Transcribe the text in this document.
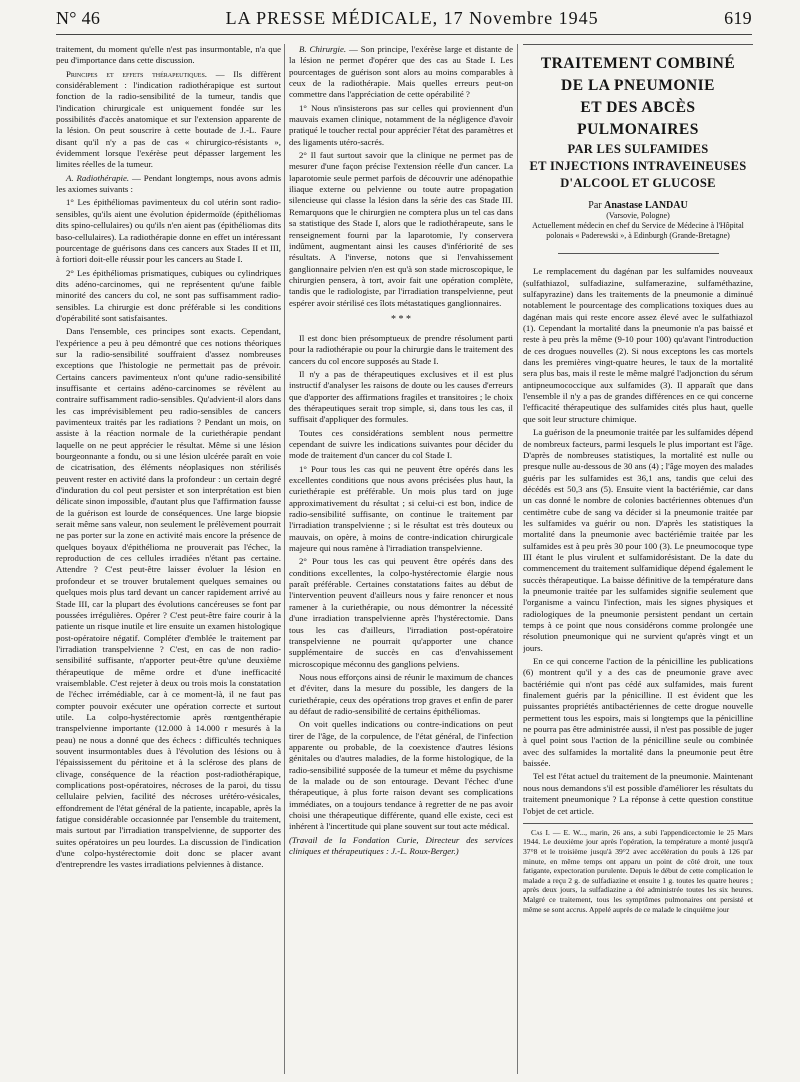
N° 46	LA PRESSE MÉDICALE, 17 Novembre 1945	619

traitement, du moment qu'elle n'est pas insurmontable, n'a que peu d'importance dans cette discussion.

Principes et effets thérapeutiques. — Ils diffèrent considérablement : l'indication radiothérapique est surtout fonction de la radio-sensibilité de la tumeur, tandis que l'indication chirurgicale est uniquement fondée sur les possibilités d'accès anatomique et sur l'extension apparente de la lésion. On peut souscrire à cette boutade de J.-L. Faure disant qu'il n'y a pas de cas « chirurgico-résistants », évidemment lorsque l'exérèse peut dépasser largement les limites réelles de la tumeur.

A. Radiothérapie. — Pendant longtemps, nous avons admis les axiomes suivants :

1° Les épithéliomas pavimenteux du col utérin sont radio-sensibles, qu'ils aient une évolution épidermoïde (épithéliomas dits spino-cellulaires) ou qu'ils n'en aient pas (épithéliomas dits baso-cellulaires). La radiothérapie donne en effet un intéressant pourcentage de guérisons dans ces cancers aux Stades II et III, à fortiori doit-elle réussir pour les cancers au Stade I.

2° Les épithéliomas prismatiques, cubiques ou cylindriques dits adéno-carcinomes, qui ne représentent qu'une faible minorité des cancers du col, ne sont pas suffisamment radio-sensibles. La chirurgie est donc préférable si les conditions d'opérabilité sont satisfaisantes.

Dans l'ensemble, ces principes sont exacts. Cependant, l'expérience a peu à peu démontré que ces notions théoriques sur la radio-sensibilité souffraient d'assez nombreuses exceptions que l'histologie ne permettait pas de prévoir. Certains cancers pavimenteux n'ont qu'une radio-sensibilité insuffisante et certains adéno-carcinomes se révèlent au contraire suffisamment radio-sensibles. Qu'advient-il alors dans les cas imprévisiblement peu radio-sensibles de cancers pavimenteux traités par les radiations ? Pendant un mois, on assiste à la réaction normale de la curiethérapie pendant laquelle on ne peut apprécier le résultat. Même si une lésion bourgeonnante a fondu, ou si une lésion ulcérée paraît en voie de cicatrisation, des éléments néoplasiques non stérilisés peuvent rester en activité dans la profondeur : un certain degré d'induration du col peut persister et son interprétation est bien délicate sinon impossible, d'autant plus que l'affirmation fausse de la guérison est lourde de conséquences. Une large biopsie serait même sans valeur, non seulement le prélèvement pourrait ne pas porter sur la zone en activité mais encore la présence de quelques boyaux d'épithélioma ne prouverait pas l'échec, la reproduction de ces cellules irradiées n'étant pas certaine. Attendre ? C'est peut-être laisser évoluer la lésion en profondeur et se trouver brutalement quelques semaines ou quelques mois plus tard devant un cancer rapidement arrivé au Stade III, car la plupart des évolutions cancéreuses se font par poussées irrégulières. Opérer ? C'est peut-être faire courir à la patiente un risque inutile et lire ensuite un examen histologique post-opératoire négatif. Compléter d'emblée le traitement par l'irradiation transpelvienne ? C'est, en cas de non radio-sensibilité suffisante, n'apporter peut-être qu'une deuxième thérapeutique de même ordre et d'une inefficacité vraisemblable. C'est rejeter à deux ou trois mois la constatation de l'échec irrémédiable, car à ce moment-là, il ne faut pas compter pouvoir exécuter une opération correcte et surtout utile. La colpo-hystérectomie après rœntgenthérapie transpelvienne importante (12.000 à 14.000 r mesurés à la peau) ne nous a donné que des échecs : difficultés techniques souvent insurmontables dues à l'évolution des lésions ou à l'épaississement du péritoine et à la sclérose des plans de clivage, conséquence de la réaction post-radiothérapique, complications post-opératoires, nécroses de la paroi, du tissu cellulaire pelvien, facilité des nécroses urétéro-vésicales, effondrement de l'état général de la patiente, incapable, après la fatigue considérable occasionnée par l'ensemble du traitement, mais surtout par l'irradiation transpelvienne, de supporter des suites opératoires un peu lourdes. La discussion de l'indication d'une colpo-hystérectomie doit donc se placer avant d'entreprendre les vastes irradiations pelviennes à distance.

B. Chirurgie. — Son principe, l'exérèse large et distante de la lésion ne permet d'opérer que des cas au Stade I. Les pourcentages de guérison sont alors au moins comparables à ceux de la radiothérapie. Mais quelles erreurs peut-on commettre dans l'appréciation de cette opérabilité ?

1° Nous n'insisterons pas sur celles qui proviennent d'un mauvais examen clinique, notamment de la négligence d'avoir pratiqué le toucher rectal pour apprécier l'état des paramètres et des ligaments utéro-sacrés.

2° Il faut surtout savoir que la clinique ne permet pas de mesurer d'une façon précise l'extension réelle d'un cancer. La laparotomie seule permet parfois de découvrir une adénopathie iliaque externe ou pelvienne ou toute autre propagation silencieuse qui classe la lésion dans la série des cas Stade III. Remarquons que le chirurgien ne comptera plus un tel cas dans sa statistique des Stade I, alors que le radiothérapeute, sans le renseignement fourni par la laparotomie, l'y conservera indûment, augmentant ainsi les causes d'infériorité de ses résultats. A l'inverse, notons que si l'envahissement ganglionnaire pelvien n'en est qu'à son stade microscopique, le chirurgien pensera, à tort, avoir fait une opération complète, tandis que le radiologiste, par l'irradiation transpelvienne, peut espérer avoir stérilisé ces îlots métastatiques ganglionnaires.

* * *

Il est donc bien présomptueux de prendre résolument parti pour la radiothérapie ou pour la chirurgie dans le traitement des cancers du col encore supposés au Stade I.

Il n'y a pas de thérapeutiques exclusives et il est plus instructif d'analyser les raisons de doute ou les causes d'erreurs que d'apporter des affirmations fragiles et transitoires ; le choix des thérapeutiques serait trop simple, si, dans tous les cas, il suffisait d'appliquer des formules.

Toutes ces considérations semblent nous permettre cependant de suivre les indications suivantes pour décider du mode de traitement d'un cancer du col Stade I.

1° Pour tous les cas qui ne peuvent être opérés dans les excellentes conditions que nous avons précisées plus haut, la curiethérapie est préférable. Un mois plus tard on juge approximativement du résultat ; si celui-ci est bon, indice de radio-sensibilité suffisante, on continue le traitement par l'irradiation transpelvienne ; si le résultat est très douteux ou mauvais, on opère, à moins de contre-indication chirurgicale majeure qui nous ramène à l'irradiation transpelvienne.

2° Pour tous les cas qui peuvent être opérés dans des conditions excellentes, la colpo-hystérectomie élargie nous paraît préférable. Certaines constatations faites au début de l'intervention peuvent d'ailleurs nous y faire renoncer et nous ramener à la curiethérapie, ou nous démontrer la nécessité d'une irradiation transpelvienne après l'hystérectomie. Dans tous les cas d'ailleurs, l'irradiation post-opératoire transpelvienne ne pourrait qu'apporter une chance supplémentaire de succès en cas d'envahissement microscopique méconnu des ganglions pelviens.

Nous nous efforçons ainsi de réunir le maximum de chances et d'éviter, dans la mesure du possible, les dangers de la curiethérapie, ceux des opérations trop graves et enfin de parer au défaut de radio-sensibilité de certains épithéliomas.

On voit quelles indications ou contre-indications on peut tirer de l'âge, de la corpulence, de l'état général, de l'infection apparente ou probable, de la coexistence d'autres lésions génitales ou d'autres maladies, de la forme histologique, de la radio-sensibilité supposée de la tumeur et même du psychisme de la malade ou de son entourage. Devant l'échec d'une thérapeutique, à plus forte raison devant ses complications immédiates, on a toujours tendance à regretter de ne pas avoir choisi une thérapeutique différente, quand elle existe, ceci est inhérent à l'incertitude qui plane souvent sur tout acte médical.

(Travail de la Fondation Curie, Directeur des services cliniques et thérapeutiques : J.-L. Roux-Berger.)

TRAITEMENT COMBINÉ
DE LA PNEUMONIE
ET DES ABCÈS PULMONAIRES
PAR LES SULFAMIDES
ET INJECTIONS INTRAVEINEUSES
D'ALCOOL ET GLUCOSE
Par Anastase LANDAU
(Varsovie, Pologne)
Actuellement médecin en chef du Service de Médecine à l'Hôpital polonais « Paderewski », à Edinburgh (Grande-Bretagne)

Le remplacement du dagénan par les sulfamides nouveaux (sulfathiazol, sulfadiazine, sulfamerazine, sulfaméthazine, sulfapyrazine) dans les traitements de la pneumonie a diminué notablement le pourcentage des complications toxiques dues au dagénan mais qui reste encore assez élevé avec le sulfathiazol (1). Cependant la mortalité dans la pneumonie n'a pas baissé et reste à peu près la même (9-10 pour 100) qu'avant l'introduction de ces drogues nouvelles (2). Si nous exceptons les cas mortels dans les premières vingt-quatre heures, le taux de la mortalité sera plus bas, mais il reste le même malgré l'adjonction du sérum antipneumococcique aux sulfamides (3). Il apparaît que dans l'ensemble il n'y a pas de grandes différences en ce qui concerne l'efficacité thérapeutique des sulfamides cités plus haut, quelle que soit leur structure chimique.

La guérison de la pneumonie traitée par les sulfamides dépend de nombreux facteurs, parmi lesquels le plus important est l'âge. D'après de nombreuses statistiques, la mortalité est nulle ou presque nulle au-dessous de 30 ans (4) ; l'âge moyen des malades guéris par les sulfamides est 36,1 ans, tandis que celui des décédés est 50,3 ans (5). Ensuite vient la bactériémie, car dans un cas donné le nombre de colonies bactériennes obtenues d'un centimètre cube de sang va décider si la pneumonie traitée par les sulfamides va guérir ou non. D'après les statistiques la mortalité dans la pneumonie avec bactériémie traitée par les sulfamides est à peu près 30 pour 100 (3). Le pneumocoque type III étant le plus virulent et sulfamidorésistant. De la date du commencement du traitement sulfamidique dépend également le succès thérapeutique. La baisse définitive de la température dans la pneumonie traitée par les sulfamides signifie seulement que l'organisme a vaincu l'infection, mais les signes physiques et radiologiques de la pneumonie persistent pendant un certain temps à ce point que nous considérons comme prolongée une résolution pneumonique qui ne survient qu'après vingt et un jours.

En ce qui concerne l'action de la pénicilline les publications (6) montrent qu'il y a des cas de pneumonie grave avec bactériémie qui n'ont pas cédé aux sulfamides, mais furent finalement guéris par la pénicilline. Il est évident que les puissantes propriétés antibactériennes de cette drogue nouvelle permettent tous les espoirs, mais si longtemps que la pénicilline ne pourra pas être administrée aussi, il n'est pas possible de juger à quel point sous l'action de la pénicilline seule ou combinée avec des sulfamides la mortalité dans la pneumonie peut être baissée.

Tel est l'état actuel du traitement de la pneumonie. Maintenant nous nous demandons s'il est possible d'améliorer les résultats du traitement pneumonique ? La réponse à cette question constitue l'objet de cet article.

Cas I. — E. W..., marin, 26 ans, a subi l'appendicectomie le 25 Mars 1944. Le deuxième jour après l'opération, la température a monté jusqu'à 37°8 et le troisième jusqu'à 39°2 avec accélération du pouls à 126 par minute, en même temps ont apparu un point de côté droit, une toux fatigante, expectoration purulente. Depuis le début de cette complication le malade a reçu 2 g. de sulfadiazine et ensuite 1 g. toutes les quatre heures ; après deux jours, la sulfadiazine a été administrée toutes les six heures. Malgré ce traitement, tous les symptômes pulmonaires ont persisté et même se sont accrus. Appelé auprès de ce malade le cinquième jour
